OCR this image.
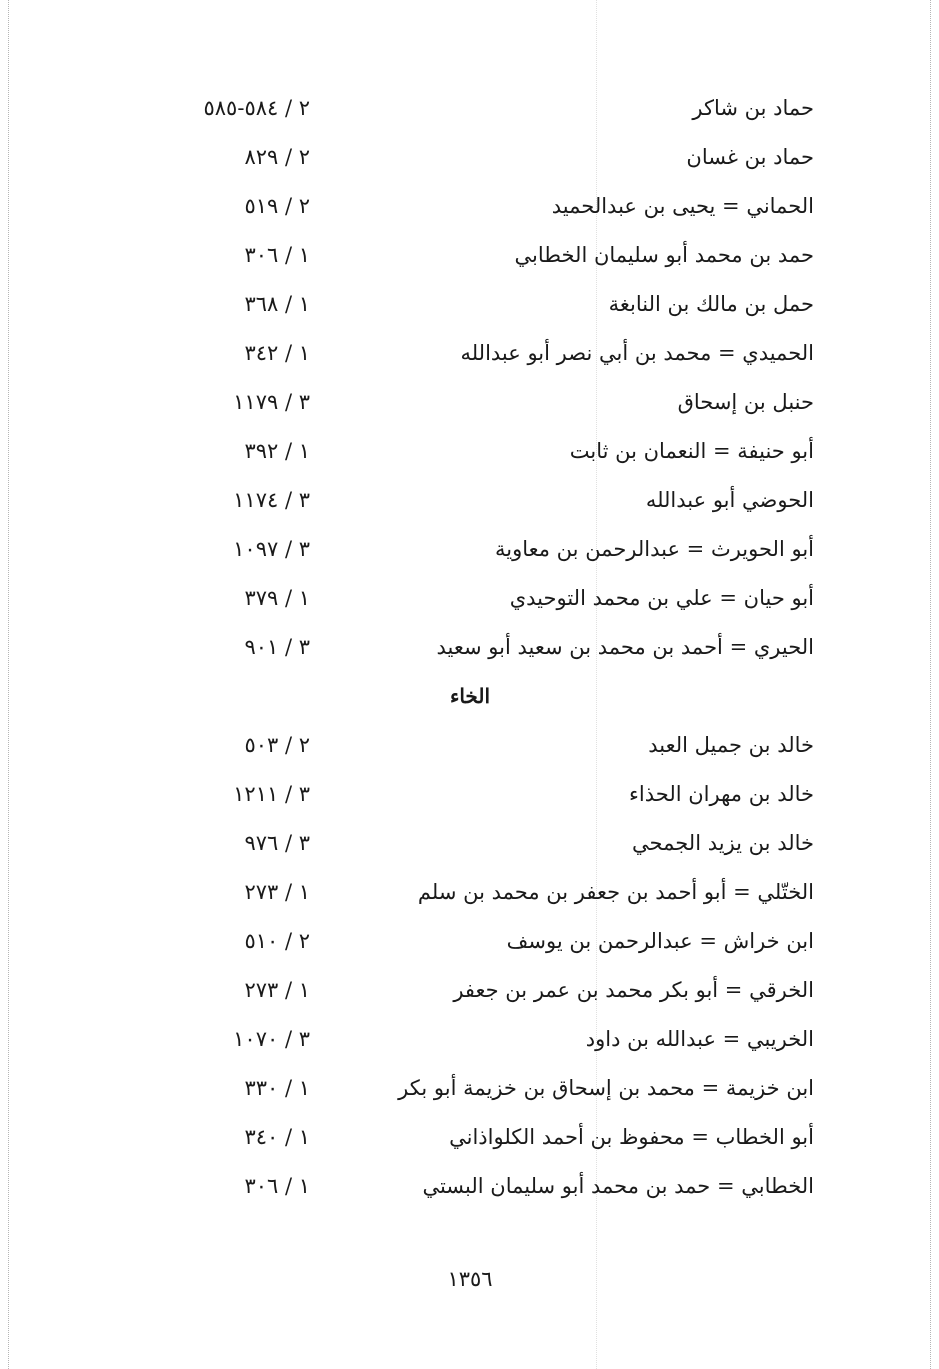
حماد بن شاكر
٢ / ٥٨٤-٥٨٥
حماد بن غسان
٢ / ٨٢٩
الحماني = يحيى بن عبدالحميد
٢ / ٥١٩
حمد بن محمد أبو سليمان الخطابي
١ / ٣٠٦
حمل بن مالك بن النابغة
١ / ٣٦٨
الحميدي = محمد بن أبي نصر أبو عبدالله
١ / ٣٤٢
حنبل بن إسحاق
٣ / ١١٧٩
أبو حنيفة = النعمان بن ثابت
١ / ٣٩٢
الحوضي أبو عبدالله
٣ / ١١٧٤
أبو الحويرث = عبدالرحمن بن معاوية
٣ / ١٠٩٧
أبو حيان = علي بن محمد التوحيدي
١ / ٣٧٩
الحيري = أحمد بن محمد بن سعيد أبو سعيد
٣ / ٩٠١
الخاء
خالد بن جميل العبد
٢ / ٥٠٣
خالد بن مهران الحذاء
٣ / ١٢١١
خالد بن يزيد الجمحي
٣ / ٩٧٦
الختّلي = أبو أحمد بن جعفر بن محمد بن سلم
١ / ٢٧٣
ابن خراش = عبدالرحمن بن يوسف
٢ / ٥١٠
الخرقي = أبو بكر محمد بن عمر بن جعفر
١ / ٢٧٣
الخريبي = عبدالله بن داود
٣ / ١٠٧٠
ابن خزيمة = محمد بن إسحاق بن خزيمة أبو بكر
١ / ٣٣٠
أبو الخطاب = محفوظ بن أحمد الكلواذاني
١ / ٣٤٠
الخطابي = حمد بن محمد أبو سليمان البستي
١ / ٣٠٦
١٣٥٦
